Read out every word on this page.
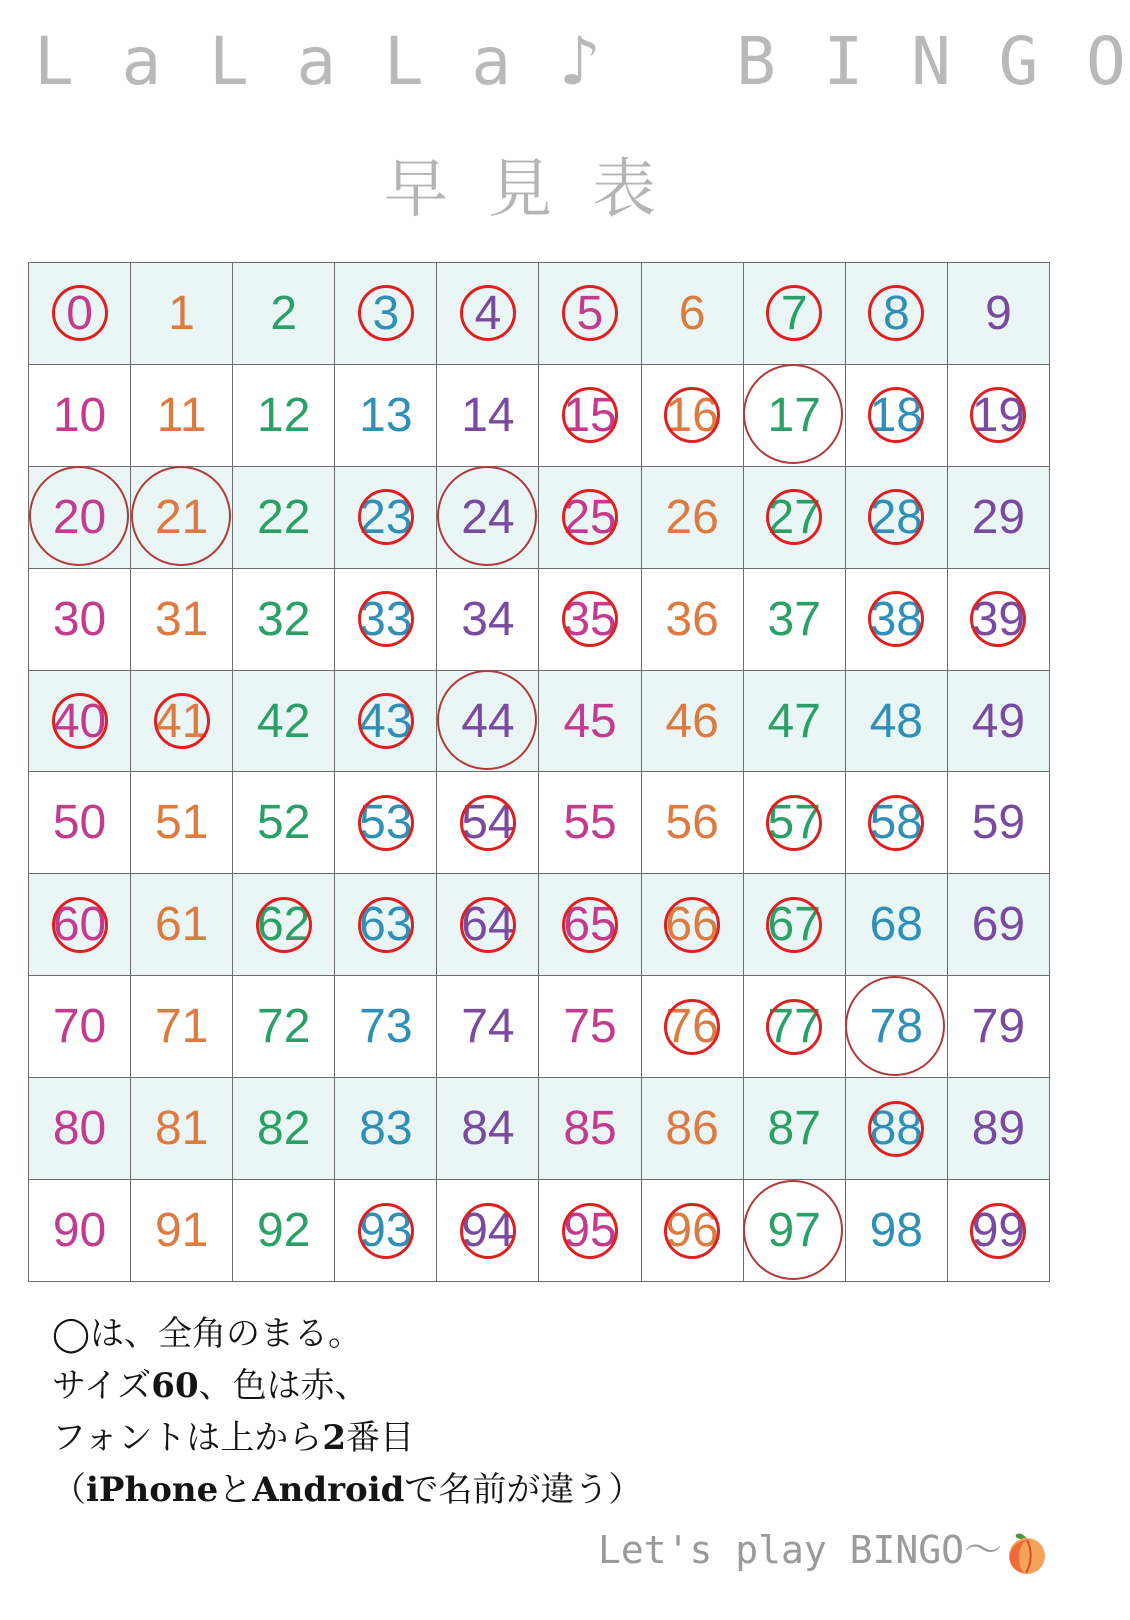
L a L a L a ♪ B I N G O
早見表
0	1	2	3	4	5	6	7	8	9
10	11	12	13	14	15	16	17	18	19

20	21	22	23	24	25	26	27	28	29
30	31	32	33	34	35	36	37	38	39

40	41	42	43	44	45	46	47	48	49
50	51	52	53	54	55	56	57	58	59
60	61	62	63	64	65	66	67	68	69
70	71	72	73	74	75	76	77	78	79
80	81	82	83	84	85	86	87	88	89
90	91	92	93	94	95	96	97	98	99
◯は、全角のまる。
サイズ60、色は赤、
フォントは上から2番目
（iPhoneとAndroidで名前が違う）
Let's play BINGO～
